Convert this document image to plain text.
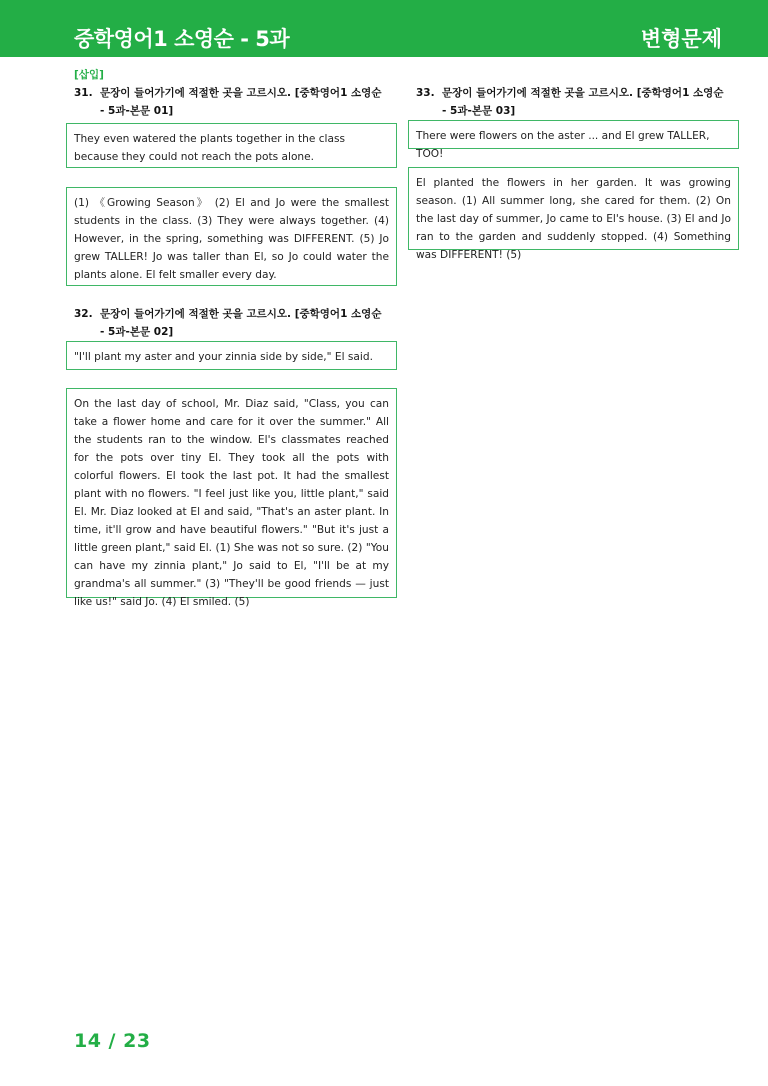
중학영어1 소영순 - 5과	변형문제
[삽입]
31. 문장이 들어가기에 적절한 곳을 고르시오. [중학영어1 소영순
- 5과-본문 01]
They even watered the plants together in the class because they could not reach the pots alone.
(1) 《Growing Season》 (2) El and Jo were the smallest students in the class. (3) They were always together. (4) However, in the spring, something was DIFFERENT. (5) Jo grew TALLER! Jo was taller than El, so Jo could water the plants alone. El felt smaller every day.
32. 문장이 들어가기에 적절한 곳을 고르시오. [중학영어1 소영순
- 5과-본문 02]
"I'll plant my aster and your zinnia side by side," El said.
On the last day of school, Mr. Diaz said, "Class, you can take a flower home and care for it over the summer." All the students ran to the window. El's classmates reached for the pots over tiny El. They took all the pots with colorful flowers. El took the last pot. It had the smallest plant with no flowers. "I feel just like you, little plant," said El. Mr. Diaz looked at El and said, "That's an aster plant. In time, it'll grow and have beautiful flowers." "But it's just a little green plant," said El. (1) She was not so sure. (2) "You can have my zinnia plant," Jo said to El, "I'll be at my grandma's all summer." (3) "They'll be good friends — just like us!" said Jo. (4) El smiled. (5)
33. 문장이 들어가기에 적절한 곳을 고르시오. [중학영어1 소영순
- 5과-본문 03]
There were flowers on the aster ... and El grew TALLER, TOO!
El planted the flowers in her garden. It was growing season. (1) All summer long, she cared for them. (2) On the last day of summer, Jo came to El's house. (3) El and Jo ran to the garden and suddenly stopped. (4) Something was DIFFERENT! (5)
14 / 23
